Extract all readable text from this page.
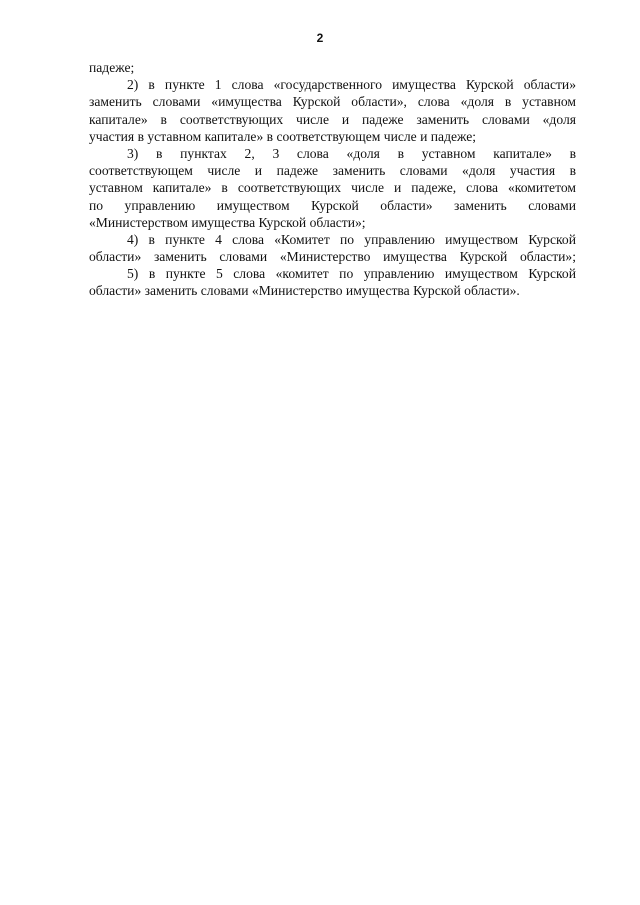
2
падеже;
2) в пункте 1 слова «государственного имущества Курской области»
заменить словами «имущества Курской области», слова «доля в уставном
капитале» в соответствующих числе и падеже заменить словами «доля
участия в уставном капитале» в соответствующем числе и падеже;
3) в пунктах 2, 3 слова «доля в уставном капитале» в
соответствующем числе и падеже заменить словами «доля участия в
уставном капитале» в соответствующих числе и падеже, слова «комитетом
по управлению имуществом Курской области» заменить словами
«Министерством имущества Курской области»;
4) в пункте 4 слова «Комитет по управлению имуществом Курской
области» заменить словами «Министерство имущества Курской области»;
5) в пункте 5 слова «комитет по управлению имуществом Курской
области» заменить словами «Министерство имущества Курской области».
